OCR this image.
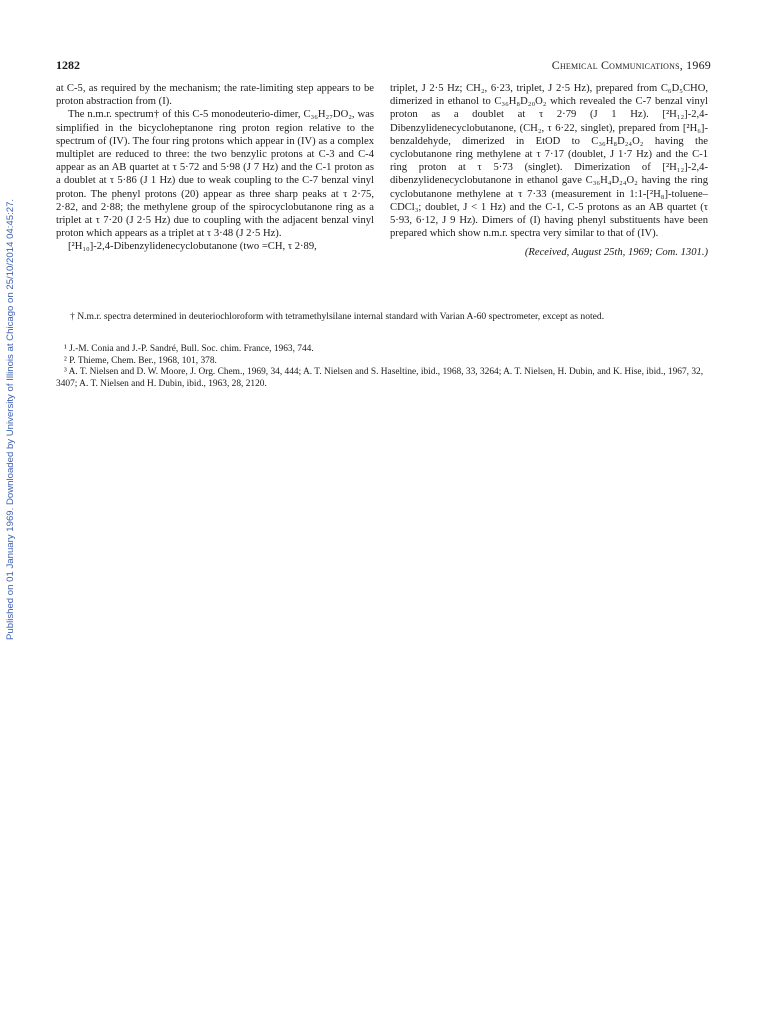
Published on 01 January 1969. Downloaded by University of Illinois at Chicago on 25/10/2014 04:45:27.
1282	Chemical Communications, 1969

at C-5, as required by the mechanism; the rate-limiting step appears to be proton abstraction from (I).

The n.m.r. spectrum† of this C-5 monodeuterio-dimer, C₃₆H₂₇DO₂, was simplified in the bicycloheptanone ring proton region relative to the spectrum of (IV). The four ring protons which appear in (IV) as a complex multiplet are reduced to three: the two benzylic protons at C-3 and C-4 appear as an AB quartet at τ 5·72 and 5·98 (J 7 Hz) and the C-1 proton as a doublet at τ 5·86 (J 1 Hz) due to weak coupling to the C-7 benzal vinyl proton. The phenyl protons (20) appear as three sharp peaks at τ 2·75, 2·82, and 2·88; the methylene group of the spirocyclobutanone ring as a triplet at τ 7·20 (J 2·5 Hz) due to coupling with the adjacent benzal vinyl proton which appears as a triplet at τ 3·48 (J 2·5 Hz).

[²H₁₀]-2,4-Dibenzylidenecyclobutanone (two =CH, τ 2·89,

triplet, J 2·5 Hz; CH₂, 6·23, triplet, J 2·5 Hz), prepared from C₆D₅CHO, dimerized in ethanol to C₃₆H₈D₂₀O₂ which revealed the C-7 benzal vinyl proton as a doublet at τ 2·79 (J 1 Hz). [²H₁₂]-2,4-Dibenzylidenecyclobutanone, (CH₂, τ 6·22, singlet), prepared from [²H₆]-benzaldehyde, dimerized in EtOD to C₃₆H₈D₂₄O₂ having the cyclobutanone ring methylene at τ 7·17 (doublet, J 1·7 Hz) and the C-1 ring proton at τ 5·73 (singlet). Dimerization of [²H₁₂]-2,4-dibenzylidenecyclobutanone in ethanol gave C₃₆H₄D₂₄O₂ having the ring cyclobutanone methylene at τ 7·33 (measurement in 1:1-[²H₈]-toluene–CDCl₃; doublet, J < 1 Hz) and the C-1, C-5 protons as an AB quartet (τ 5·93, 6·12, J 9 Hz). Dimers of (I) having phenyl substituents have been prepared which show n.m.r. spectra very similar to that of (IV).

(Received, August 25th, 1969; Com. 1301.)

† N.m.r. spectra determined in deuteriochloroform with tetramethylsilane internal standard with Varian A-60 spectrometer, except as noted.

¹ J.-M. Conia and J.-P. Sandré, Bull. Soc. chim. France, 1963, 744.

² P. Thieme, Chem. Ber., 1968, 101, 378.

³ A. T. Nielsen and D. W. Moore, J. Org. Chem., 1969, 34, 444; A. T. Nielsen and S. Haseltine, ibid., 1968, 33, 3264; A. T. Nielsen, H. Dubin, and K. Hise, ibid., 1967, 32, 3407; A. T. Nielsen and H. Dubin, ibid., 1963, 28, 2120.
